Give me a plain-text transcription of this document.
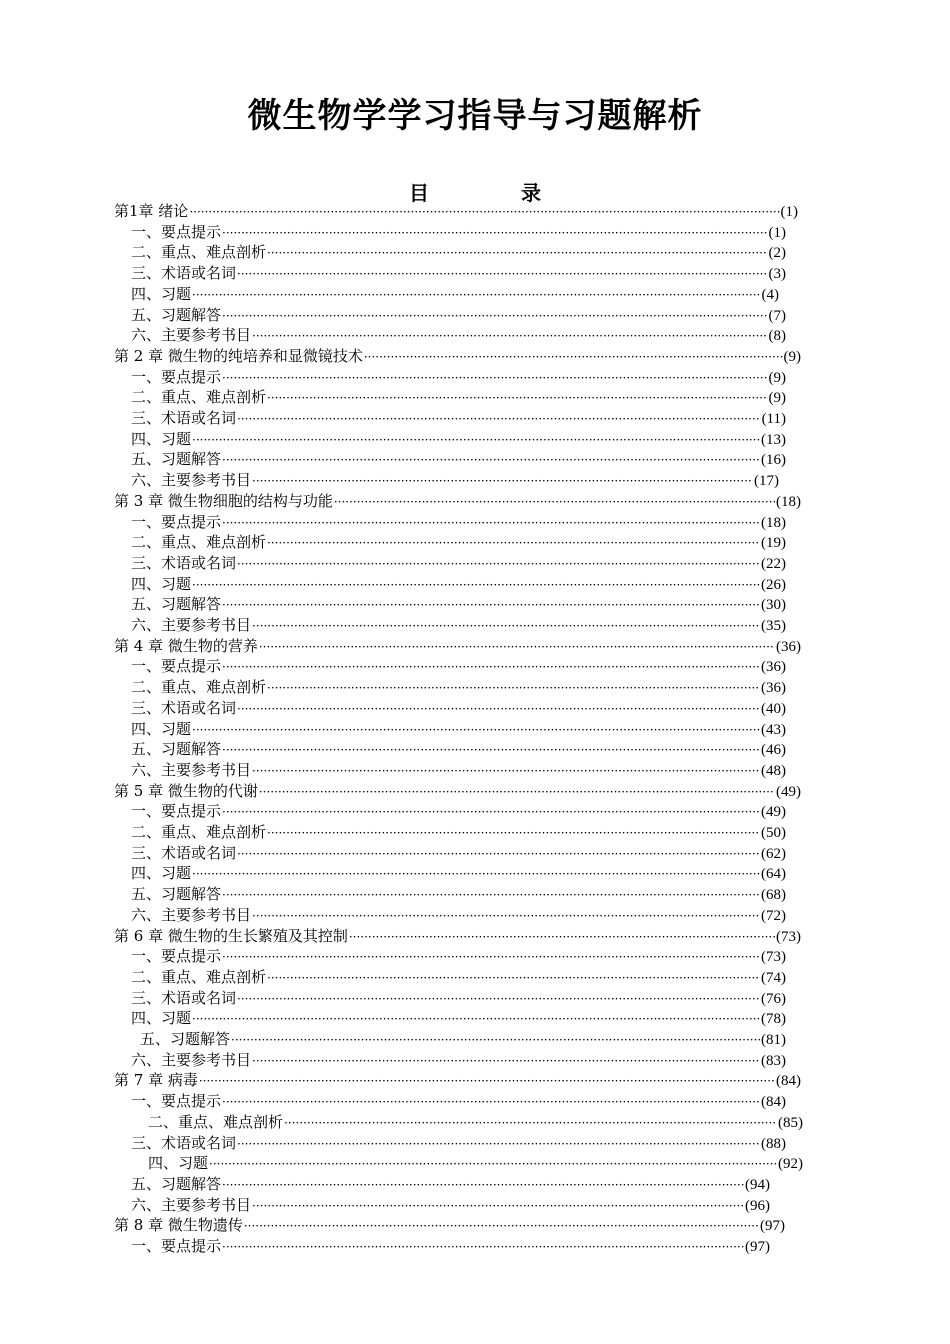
微生物学学习指导与习题解析
目　录
第1章 绪论 ·····	(1)
一、要点提示 ·····	(1)
二、重点、难点剖析 ·····	(2)
三、术语或名词 ·····	(3)
四、习题 ·····	(4)
五、习题解答 ·····	(7)
六、主要参考书目 ·····	(8)
第 2 章 微生物的纯培养和显微镜技术 ·····	(9)
一、要点提示 ·····	(9)
二、重点、难点剖析 ·····	(9)
三、术语或名词 ·····	(11)
四、习题 ·····	(13)
五、习题解答 ·····	(16)
六、主要参考书目 ·····	(17)
第 3 章 微生物细胞的结构与功能 ·····	(18)
一、要点提示 ·····	(18)
二、重点、难点剖析 ·····	(19)
三、术语或名词 ·····	(22)
四、习题 ·····	(26)
五、习题解答 ·····	(30)
六、主要参考书目 ·····	(35)
第 4 章 微生物的营养 ·····	(36)
一、要点提示 ·····	(36)
二、重点、难点剖析 ·····	(36)
三、术语或名词 ·····	(40)
四、习题 ·····	(43)
五、习题解答 ·····	(46)
六、主要参考书目 ·····	(48)
第 5 章 微生物的代谢 ·····	(49)
一、要点提示 ·····	(49)
二、重点、难点剖析 ·····	(50)
三、术语或名词 ·····	(62)
四、习题 ·····	(64)
五、习题解答 ·····	(68)
六、主要参考书目 ·····	(72)
第 6 章 微生物的生长繁殖及其控制 ·····	(73)
一、要点提示 ·····	(73)
二、重点、难点剖析 ·····	(74)
三、术语或名词 ·····	(76)
四、习题 ·····	(78)
五、习题解答 ·····	(81)
六、主要参考书目 ·····	(83)
第 7 章 病毒 ·····	(84)
一、要点提示 ·····	(84)
二、重点、难点剖析 ·····	(85)
三、术语或名词 ·····	(88)
四、习题 ·····	(92)
五、习题解答 ·····	(94)
六、主要参考书目 ·····	(96)
第 8 章 微生物遗传 ·····	(97)
一、要点提示 ·····	(97)
